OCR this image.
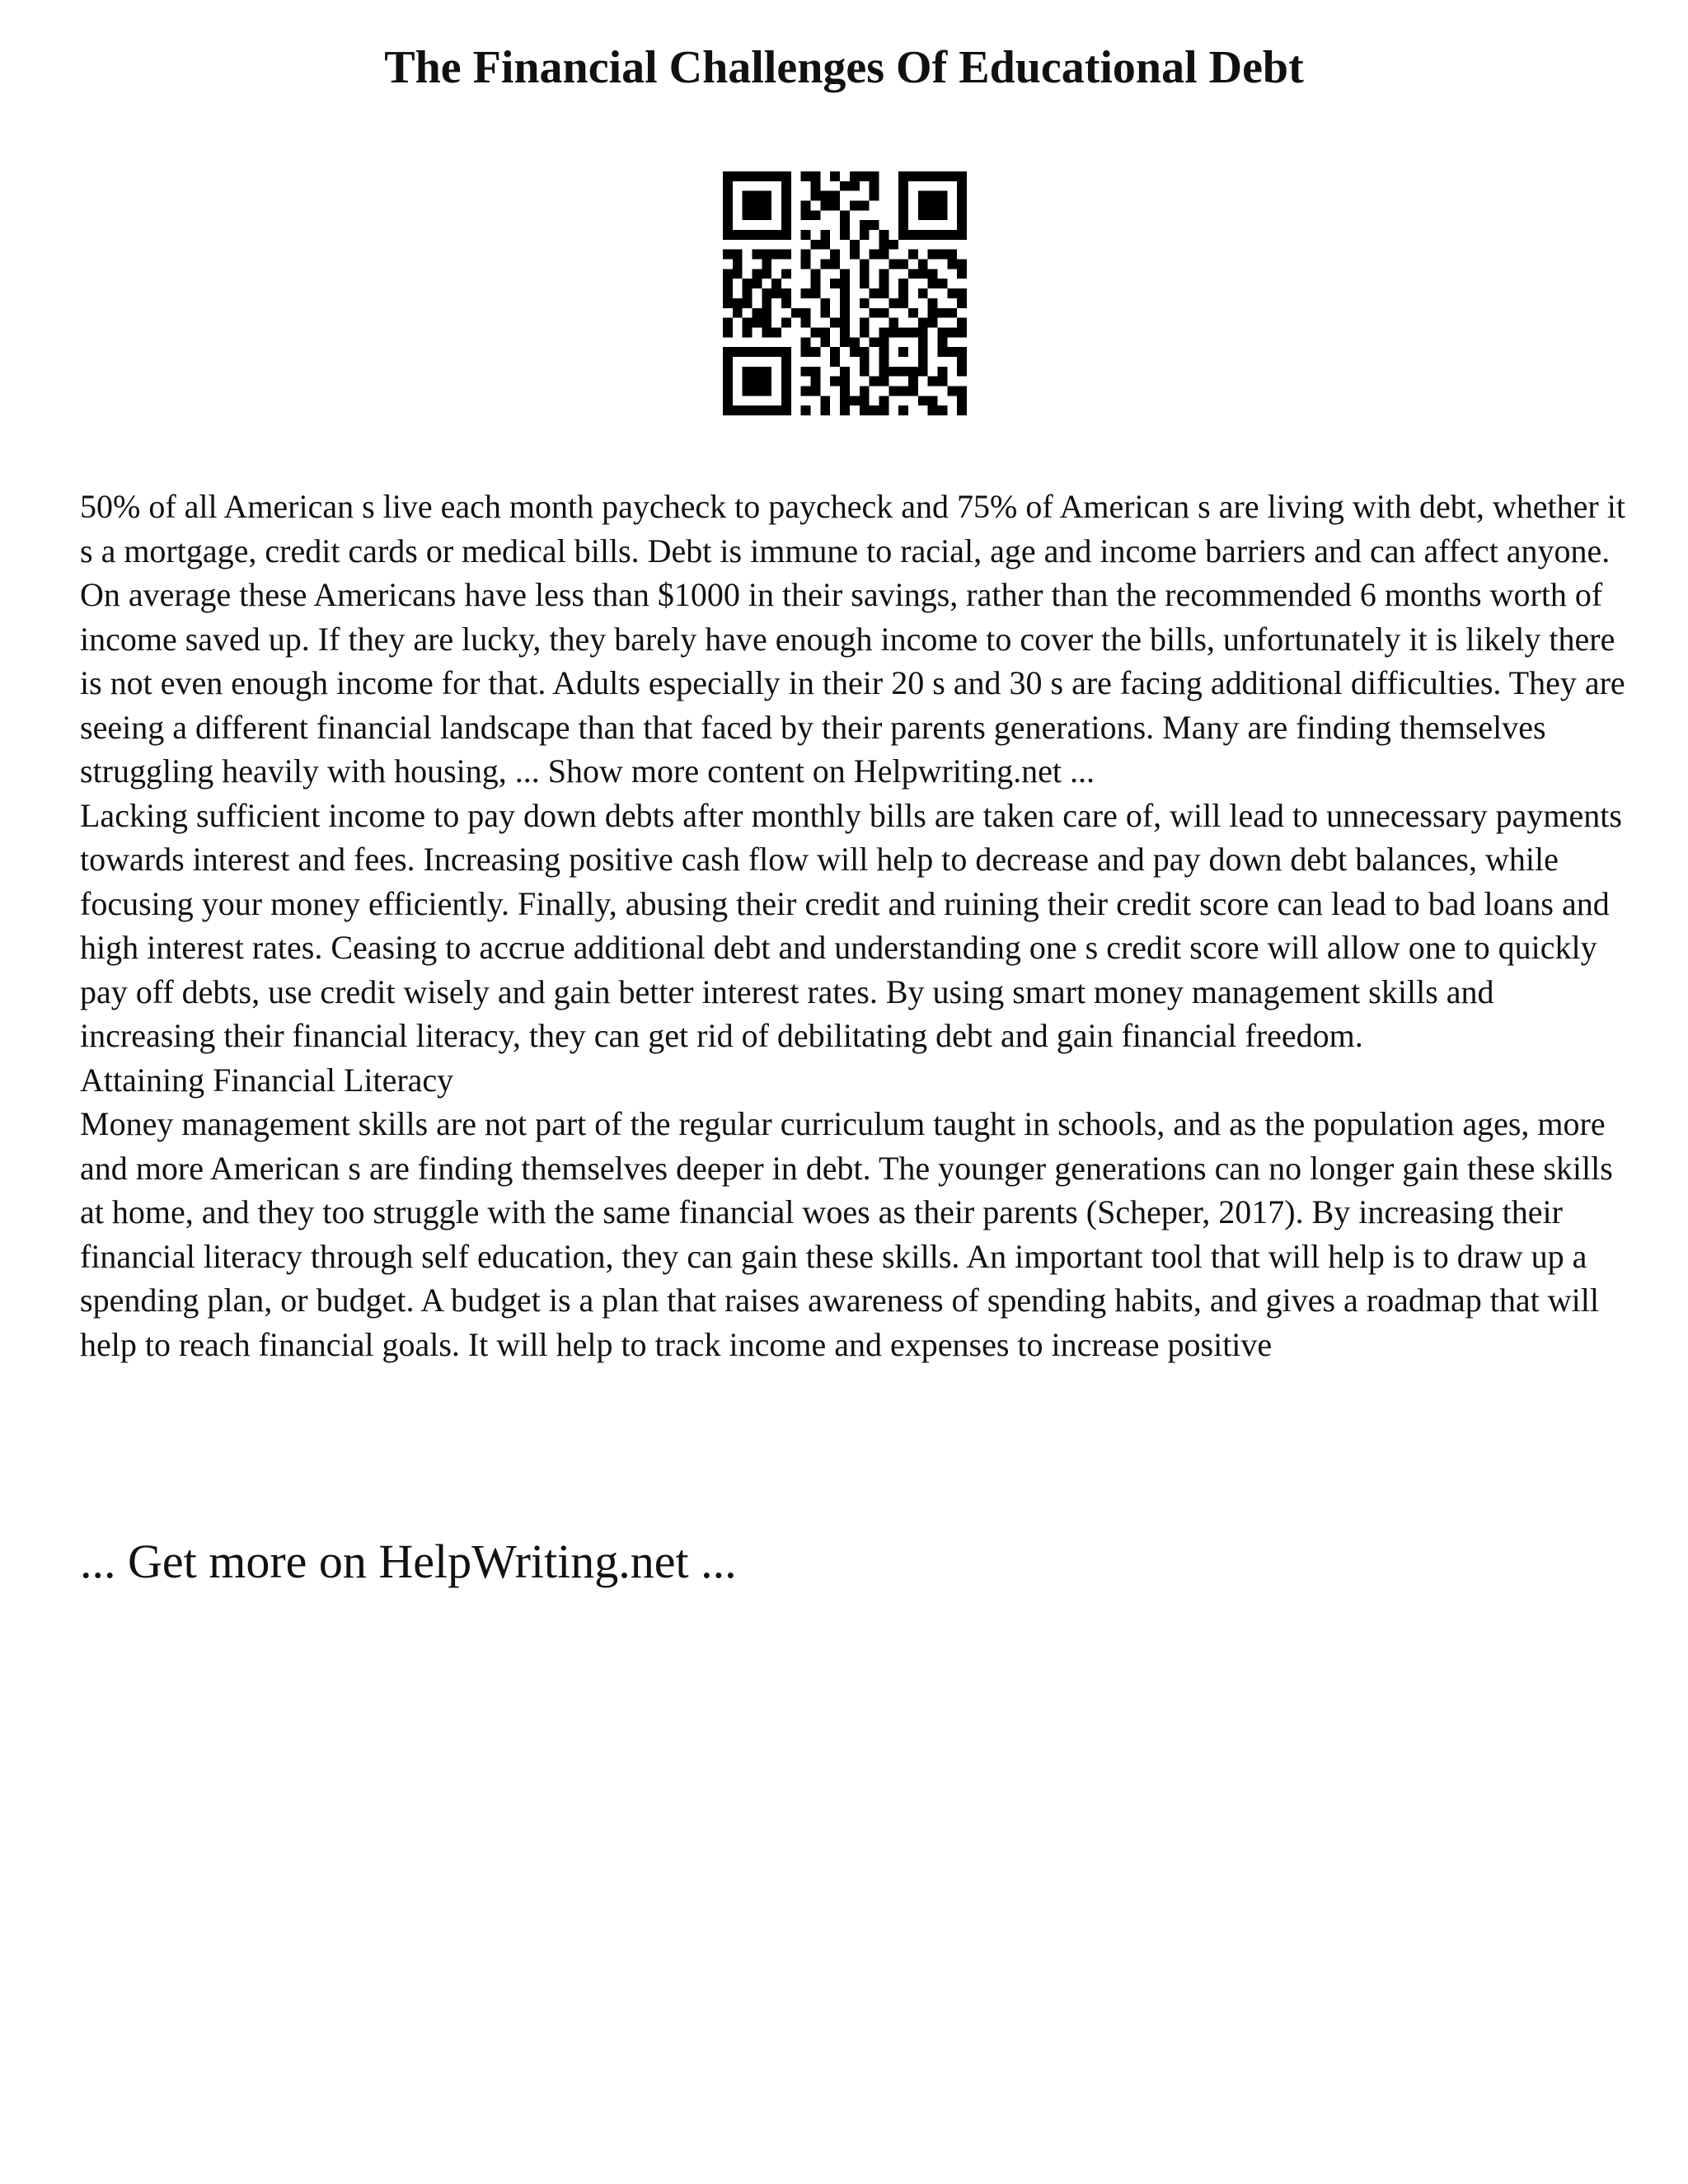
The Financial Challenges Of Educational Debt

50% of all American s live each month paycheck to paycheck and 75% of American s are living with debt, whether it s a mortgage, credit cards or medical bills. Debt is immune to racial, age and income barriers and can affect anyone. On average these Americans have less than $1000 in their savings, rather than the recommended 6 months worth of income saved up. If they are lucky, they barely have enough income to cover the bills, unfortunately it is likely there is not even enough income for that. Adults especially in their 20 s and 30 s are facing additional difficulties. They are seeing a different financial landscape than that faced by their parents generations. Many are finding themselves struggling heavily with housing, ... Show more content on Helpwriting.net ...

Lacking sufficient income to pay down debts after monthly bills are taken care of, will lead to unnecessary payments towards interest and fees. Increasing positive cash flow will help to decrease and pay down debt balances, while focusing your money efficiently. Finally, abusing their credit and ruining their credit score can lead to bad loans and high interest rates. Ceasing to accrue additional debt and understanding one s credit score will allow one to quickly pay off debts, use credit wisely and gain better interest rates. By using smart money management skills and increasing their financial literacy, they can get rid of debilitating debt and gain financial freedom.

Attaining Financial Literacy

Money management skills are not part of the regular curriculum taught in schools, and as the population ages, more and more American s are finding themselves deeper in debt. The younger generations can no longer gain these skills at home, and they too struggle with the same financial woes as their parents (Scheper, 2017). By increasing their financial literacy through self education, they can gain these skills. An important tool that will help is to draw up a spending plan, or budget. A budget is a plan that raises awareness of spending habits, and gives a roadmap that will help to reach financial goals. It will help to track income and expenses to increase positive

... Get more on HelpWriting.net ...
